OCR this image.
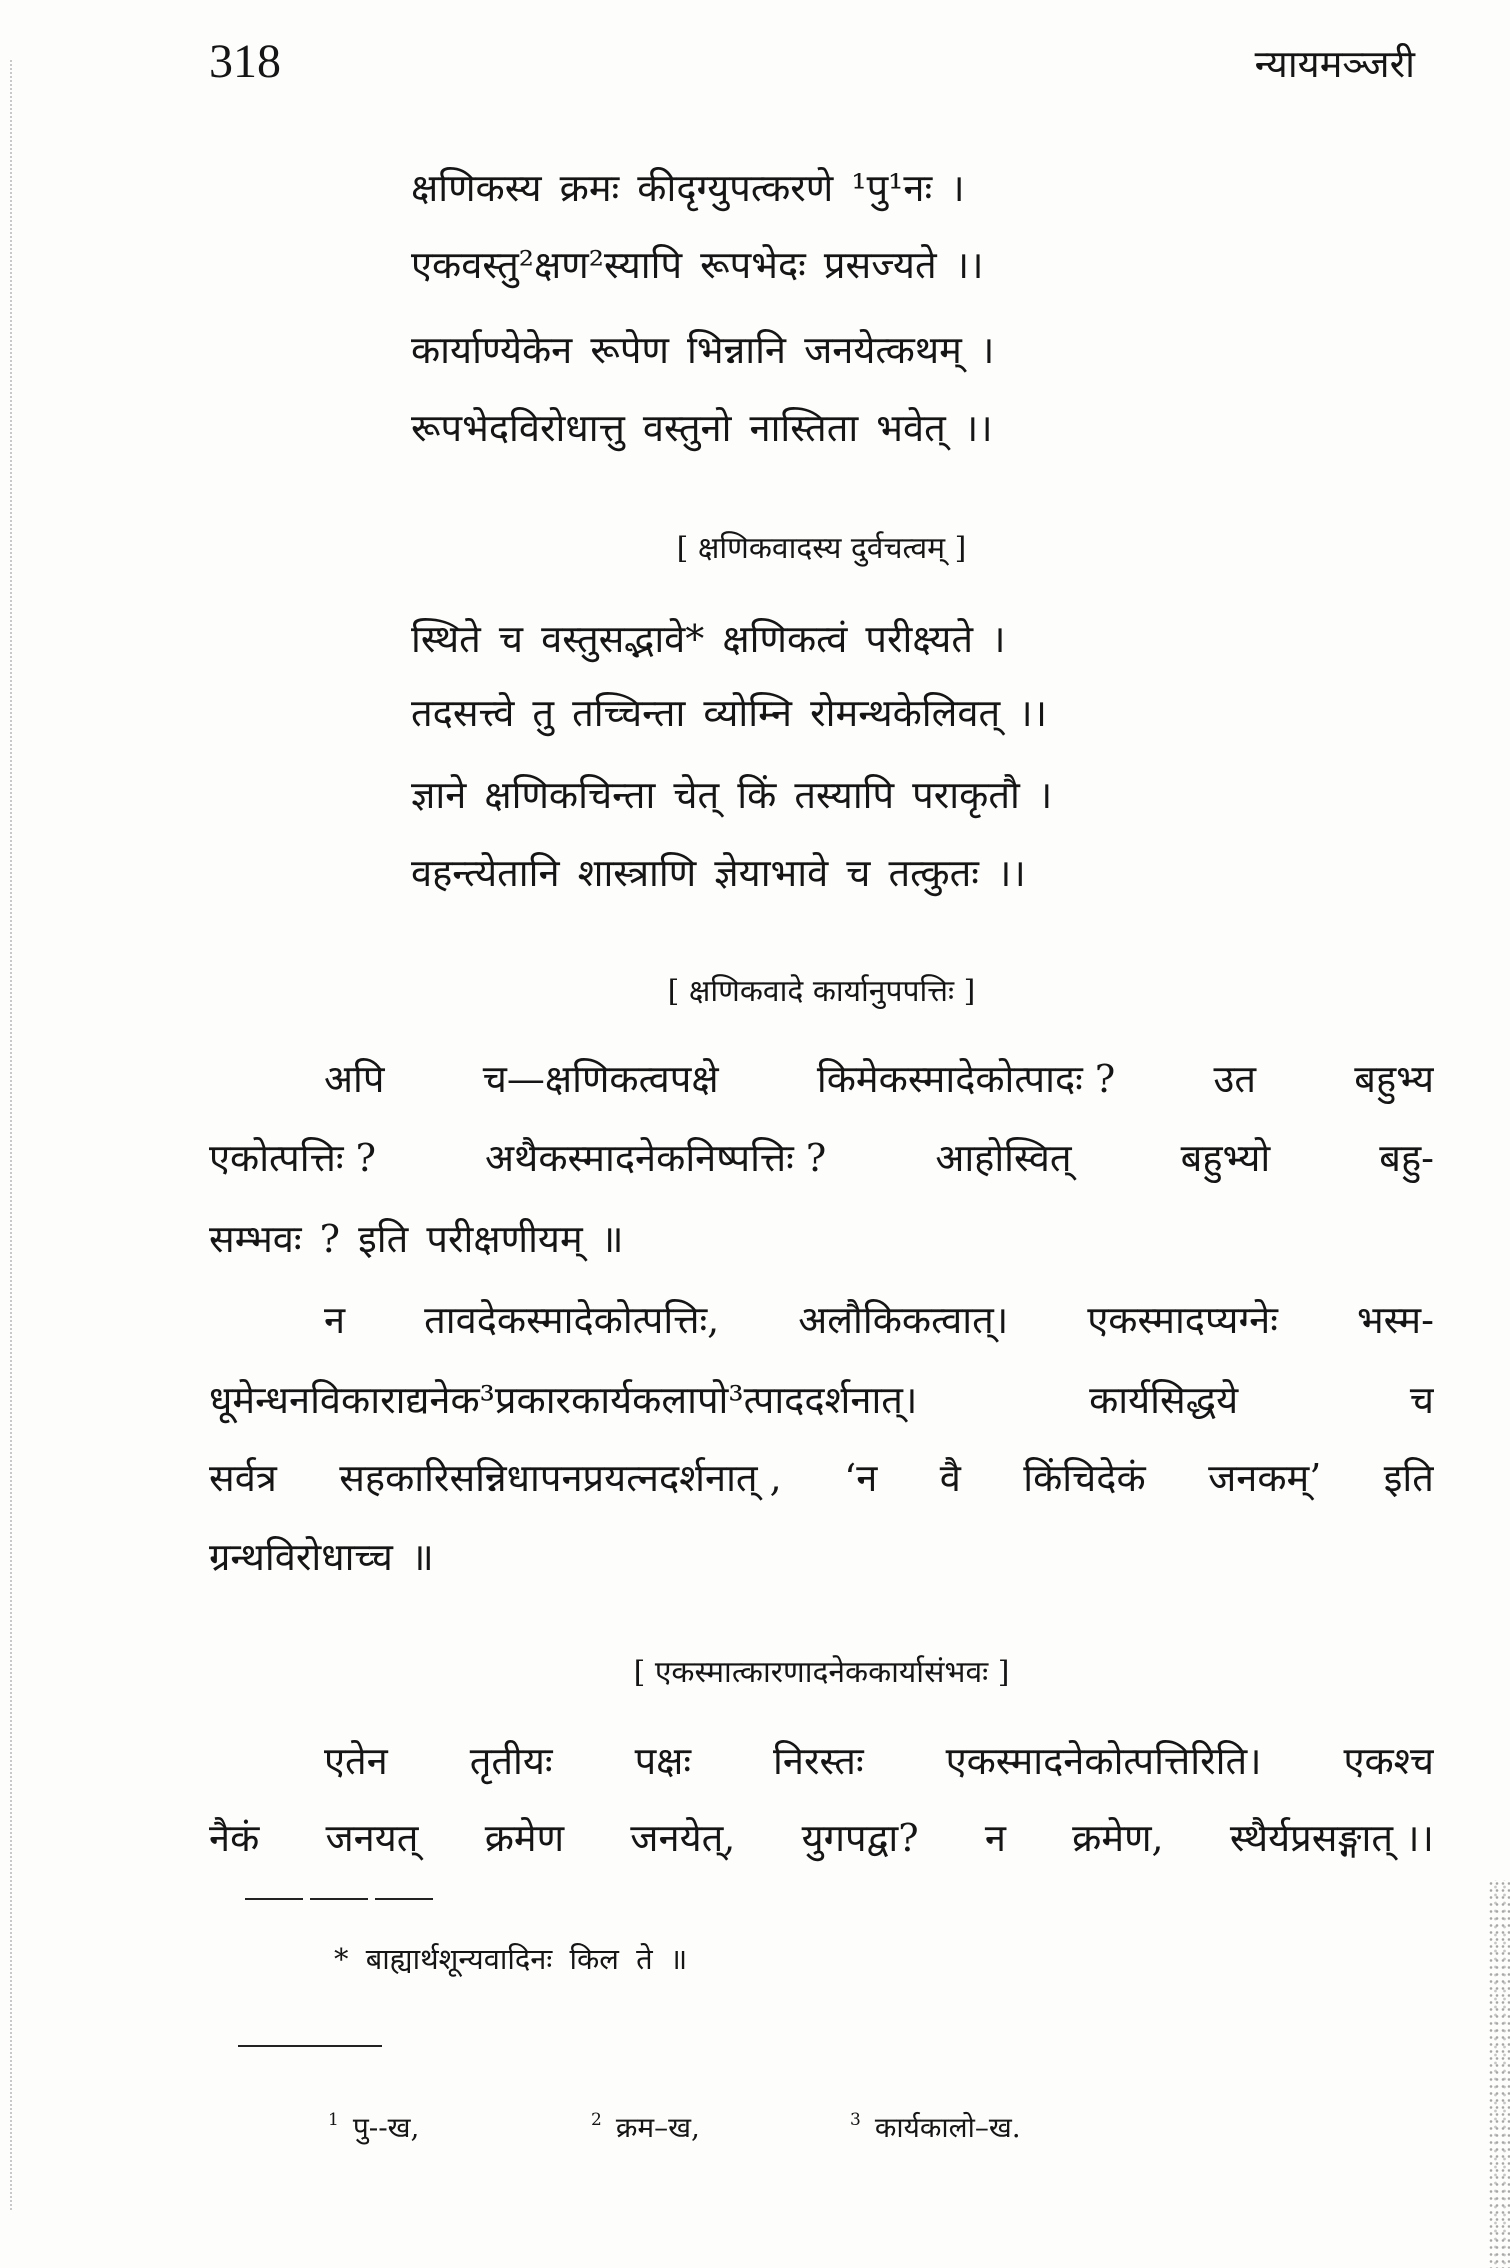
318	न्यायमञ्जरी
क्षणिकस्य क्रमः कीदृग्युपत्करणे ¹पु¹नः ।
एकवस्तु²क्षण²स्यापि रूपभेदः प्रसज्यते ।।
कार्याण्येकेन रूपेण भिन्नानि जनयेत्कथम् ।
रूपभेदविरोधात्तु वस्तुनो नास्तिता भवेत् ।।
[ क्षणिकवादस्य दुर्वचत्वम् ]
स्थिते च वस्तुसद्भावे* क्षणिकत्वं परीक्ष्यते ।
तदसत्त्वे तु तच्चिन्ता व्योम्नि रोमन्थकेलिवत् ।।
ज्ञाने क्षणिकचिन्ता चेत् किं तस्यापि पराकृतौ ।
वहन्त्येतानि शास्त्राणि ज्ञेयाभावे च तत्कुतः ।।
[ क्षणिकवादे कार्यानुपपत्तिः ]
अपि	च—क्षणिकत्वपक्षे	किमेकस्मादेकोत्पादः ?	उत	बहुभ्य
एकोत्पत्तिः ?	अथैकस्मादनेकनिष्पत्तिः ?	आहोस्वित्	बहुभ्यो	बहु-
सम्भवः ? इति परीक्षणीयम् ॥
न तावदेकस्मादेकोत्पत्तिः, अलौकिकत्वात्। एकस्मादप्यग्नेः भस्म-
धूमेन्धनविकाराद्यनेक³प्रकारकार्यकलापो³त्पाददर्शनात्।	कार्यसिद्धये	च
सर्वत्र सहकारिसन्निधापनप्रयत्नदर्शनात् , ‘न वै किंचिदेकं जनकम्’ इति
ग्रन्थविरोधाच्च ॥
[ एकस्मात्कारणादनेककार्यासंभवः ]
एतेन तृतीयः पक्षः निरस्तः एकस्मादनेकोत्पत्तिरिति। एकश्च
नैकं जनयत् क्रमेण जनयेत्, युगपद्वा? न क्रमेण, स्थैर्यप्रसङ्गात् ।।
* बाह्यार्थशून्यवादिनः किल ते ॥
$^1$ पु--ख,	$^2$ क्रम–ख,	$^3$ कार्यकालो–ख.
